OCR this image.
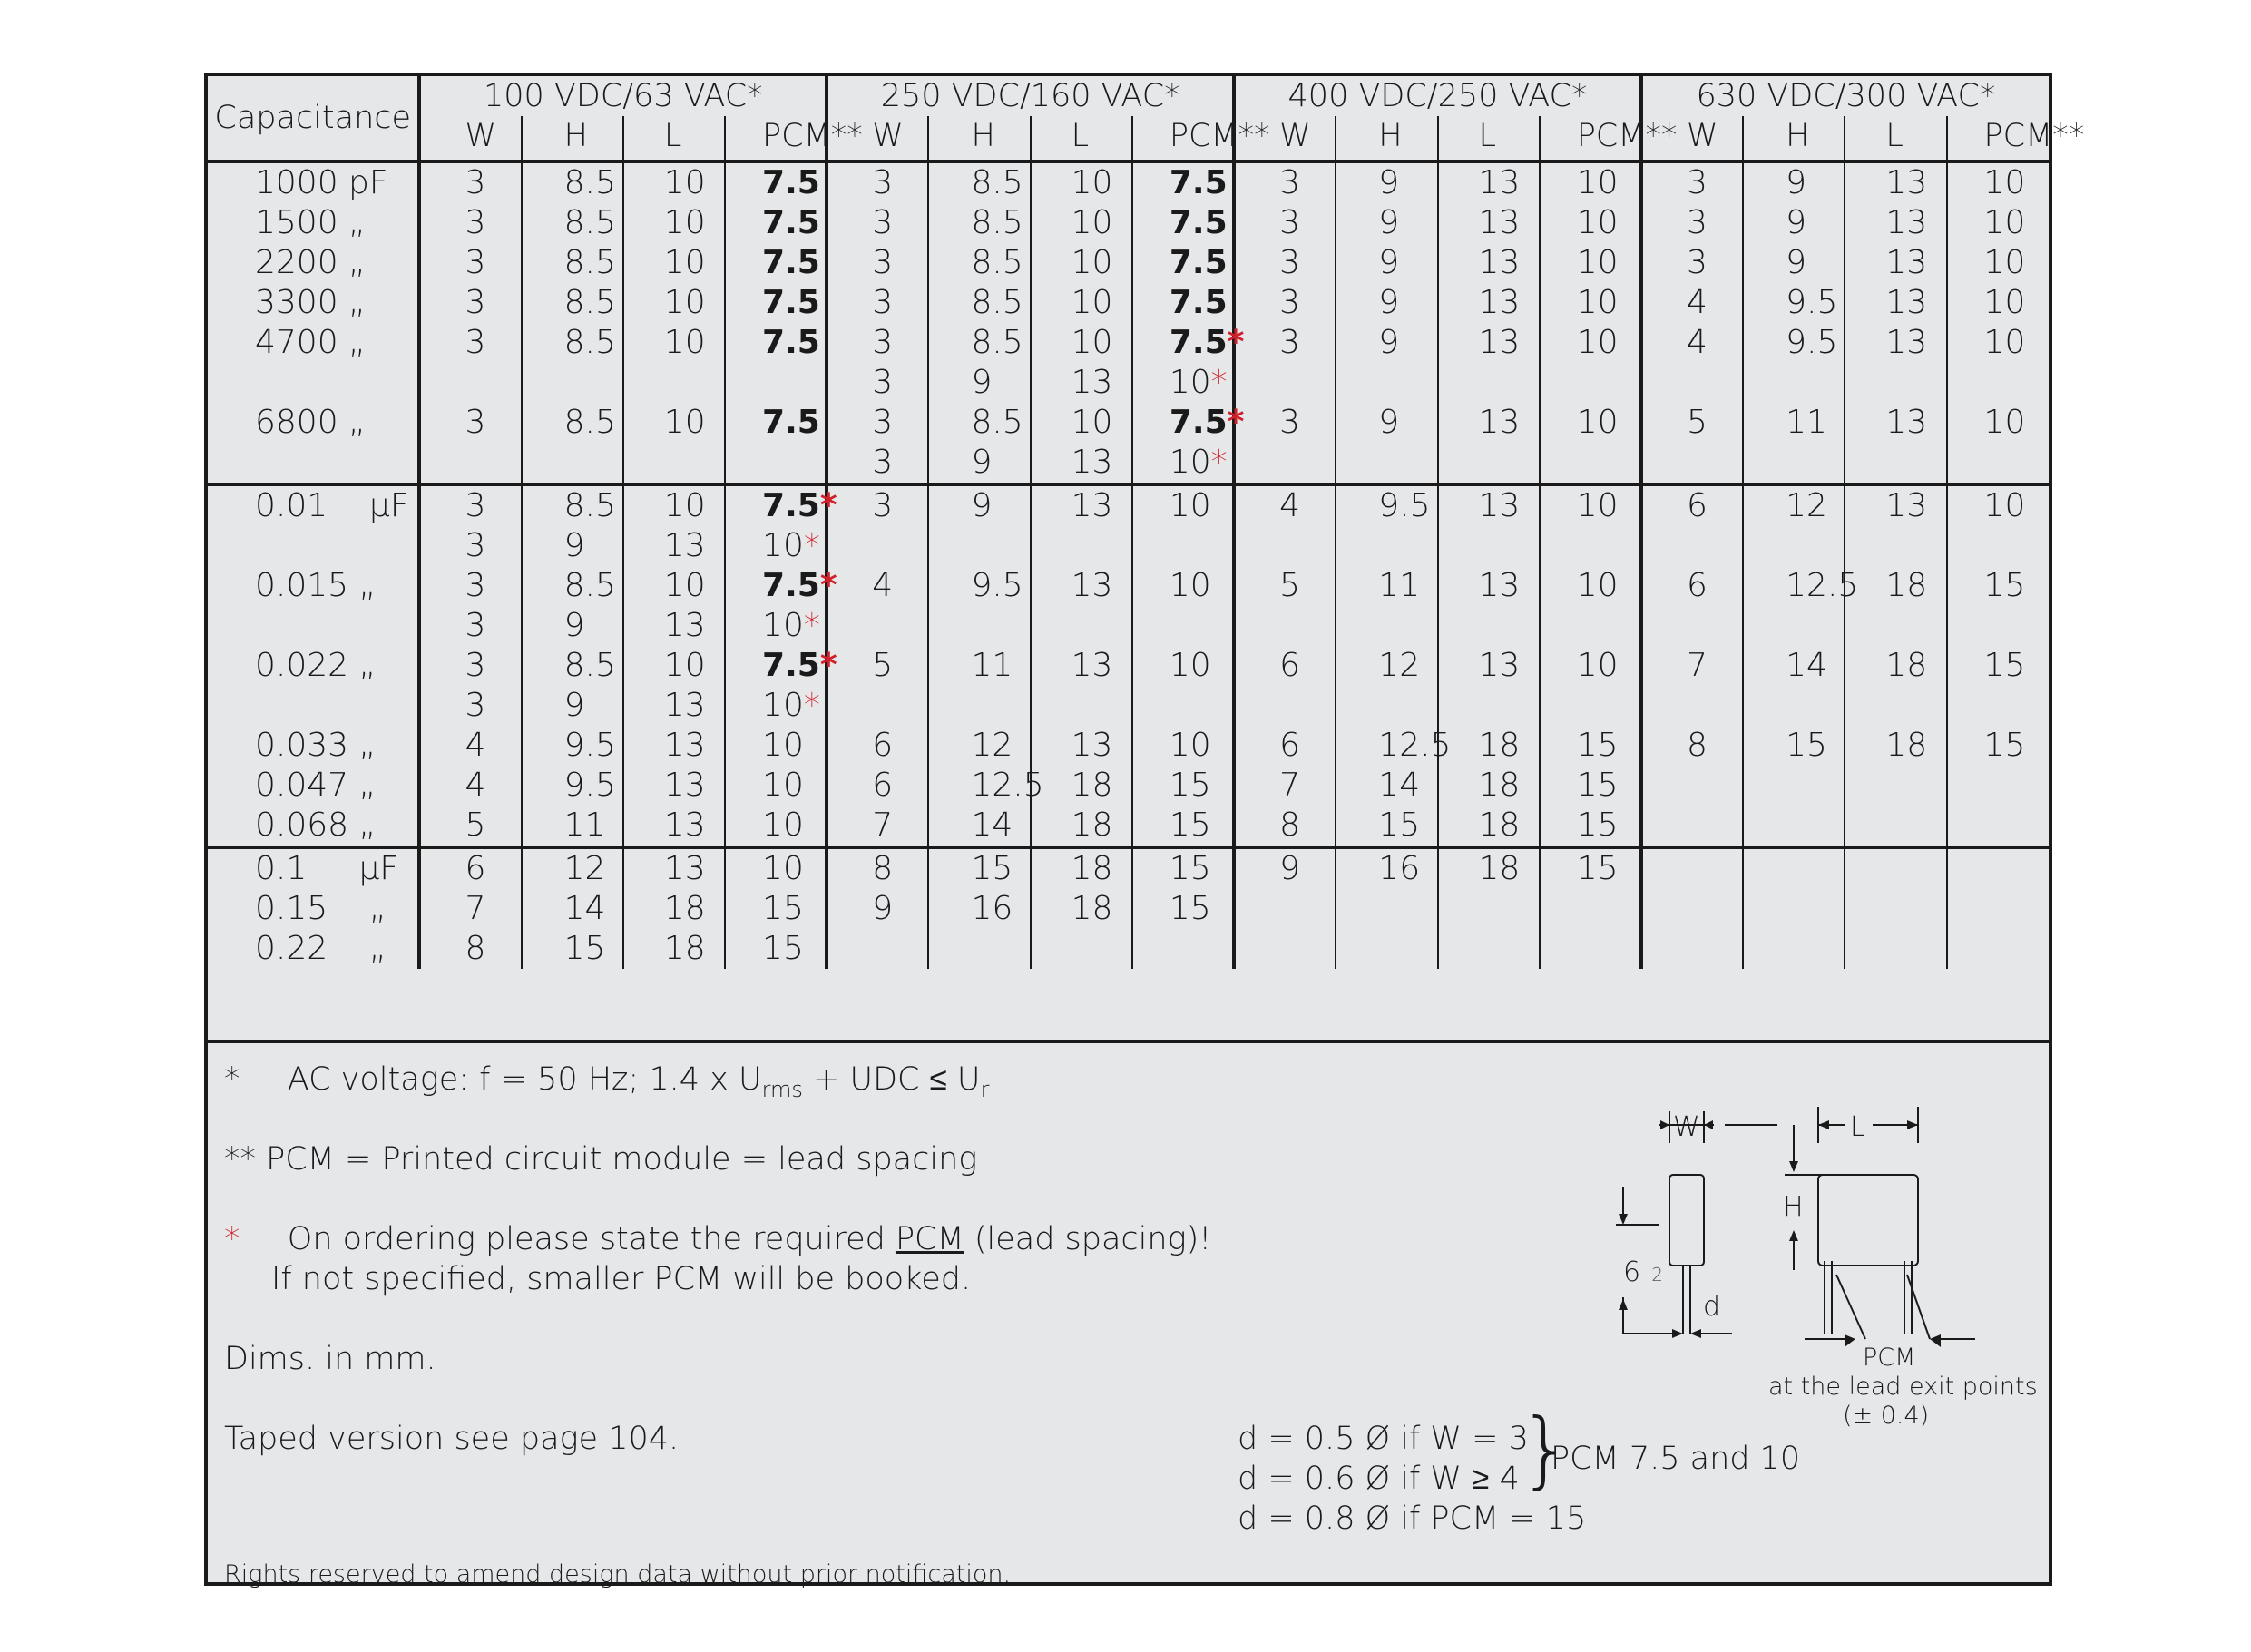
Capacitance	100 VDC/63 VAC*				250 VDC/160 VAC*				400 VDC/250 VAC*				630 VDC/300 VAC*			
	W	H	L	PCM**	W	H	L	PCM**	W	H	L	PCM**	W	H	L	PCM**
1000 pF	3	8.5	10	7.5	3	8.5	10	7.5	3	9	13	10	3	9	13	10
1500 „	3	8.5	10	7.5	3	8.5	10	7.5	3	9	13	10	3	9	13	10
2200 „	3	8.5	10	7.5	3	8.5	10	7.5	3	9	13	10	3	9	13	10
3300 „	3	8.5	10	7.5	3	8.5	10	7.5	3	9	13	10	4	9.5	13	10
4700 „	3	8.5	10	7.5	3	8.5	10	7.5*	3	9	13	10	4	9.5	13	10
					3	9	13	10*								
6800 „	3	8.5	10	7.5	3	8.5	10	7.5*	3	9	13	10	5	11	13	10
					3	9	13	10*								
0.01    µF	3	8.5	10	7.5*	3	9	13	10	4	9.5	13	10	6	12	13	10
	3	9	13	10*												
0.015 „	3	8.5	10	7.5*	4	9.5	13	10	5	11	13	10	6	12.5	18	15
	3	9	13	10*												
0.022 „	3	8.5	10	7.5*	5	11	13	10	6	12	13	10	7	14	18	15
	3	9	13	10*												
0.033 „	4	9.5	13	10	6	12	13	10	6	12.5	18	15	8	15	18	15
0.047 „	4	9.5	13	10	6	12.5	18	15	7	14	18	15				
0.068 „	5	11	13	10	7	14	18	15	8	15	18	15				
0.1     µF	6	12	13	10	8	15	18	15	9	16	18	15				
0.15    „	7	14	18	15	9	16	18	15								
0.22    „	8	15	18	15												
* AC voltage: f = 50 Hz; 1.4 x $U_{rms}$ + UDC ≤ $U_r$
** PCM = Printed circuit module = lead spacing
* On ordering please state the required PCM (lead spacing)!
If not specified, smaller PCM will be booked.
Dims. in mm.
Taped version see page 104.	d = 0.5 Ø if W = 3
d = 0.6 Ø if W ≥ 4
d = 0.8 Ø if PCM = 15
}
PCM 7.5 and 10
Rights reserved to amend design data without prior notification.
W	L
H
6 -2
d
PCM
at the lead exit points
(± 0.4)
